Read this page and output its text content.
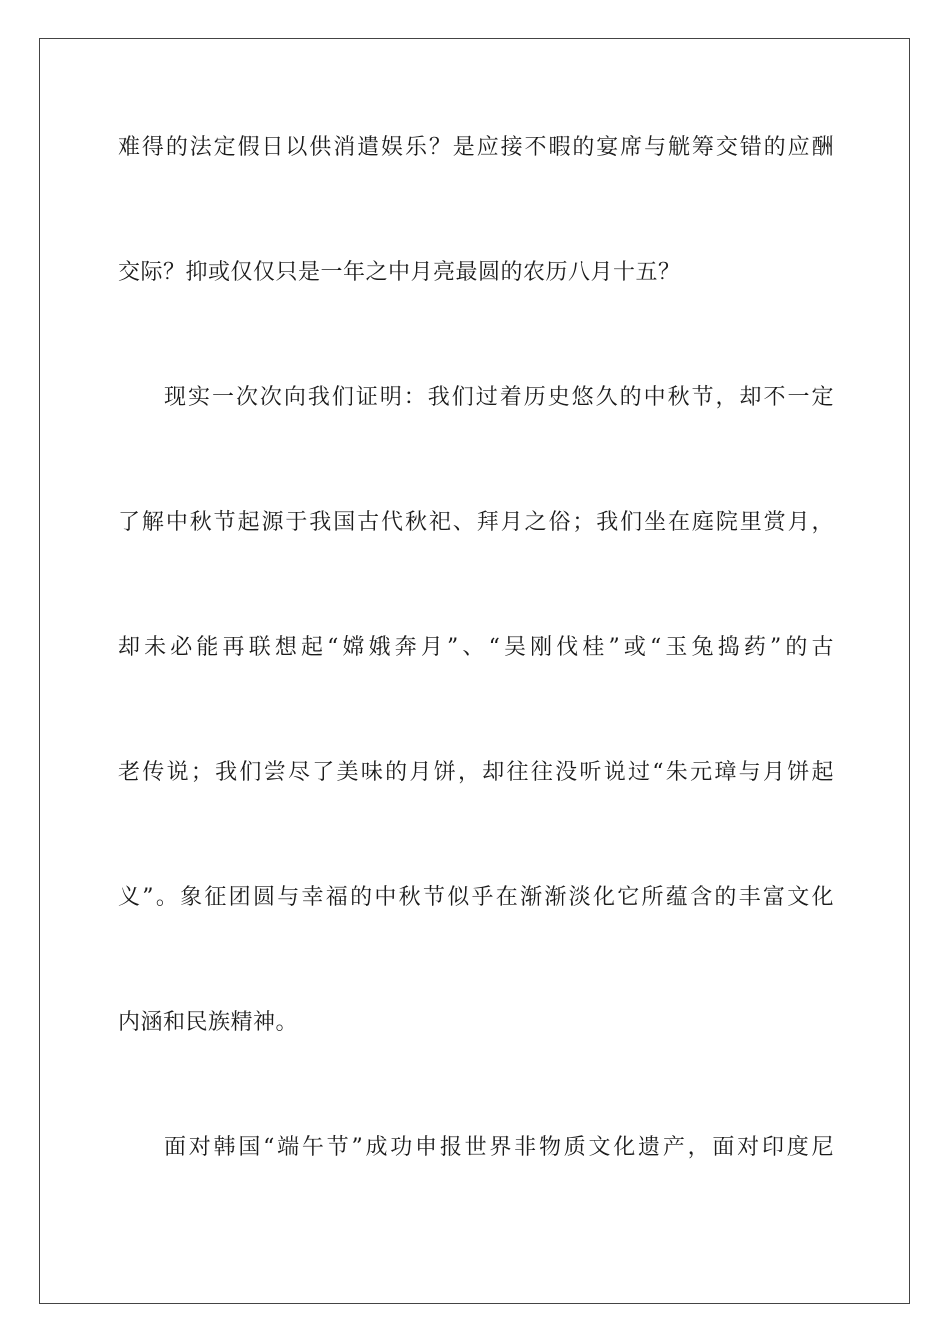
难得的法定假日以供消遣娱乐？是应接不暇的宴席与觥筹交错的应酬
交际？抑或仅仅只是一年之中月亮最圆的农历八月十五？
现实一次次向我们证明：我们过着历史悠久的中秋节，却不一定
了解中秋节起源于我国古代秋祀、拜月之俗；我们坐在庭院里赏月，
却未必能再联想起“嫦娥奔月”、“吴刚伐桂”或“玉兔捣药”的古
老传说；我们尝尽了美味的月饼，却往往没听说过“朱元璋与月饼起
义”。象征团圆与幸福的中秋节似乎在渐渐淡化它所蕴含的丰富文化
内涵和民族精神。
面对韩国“端午节”成功申报世界非物质文化遗产，面对印度尼
